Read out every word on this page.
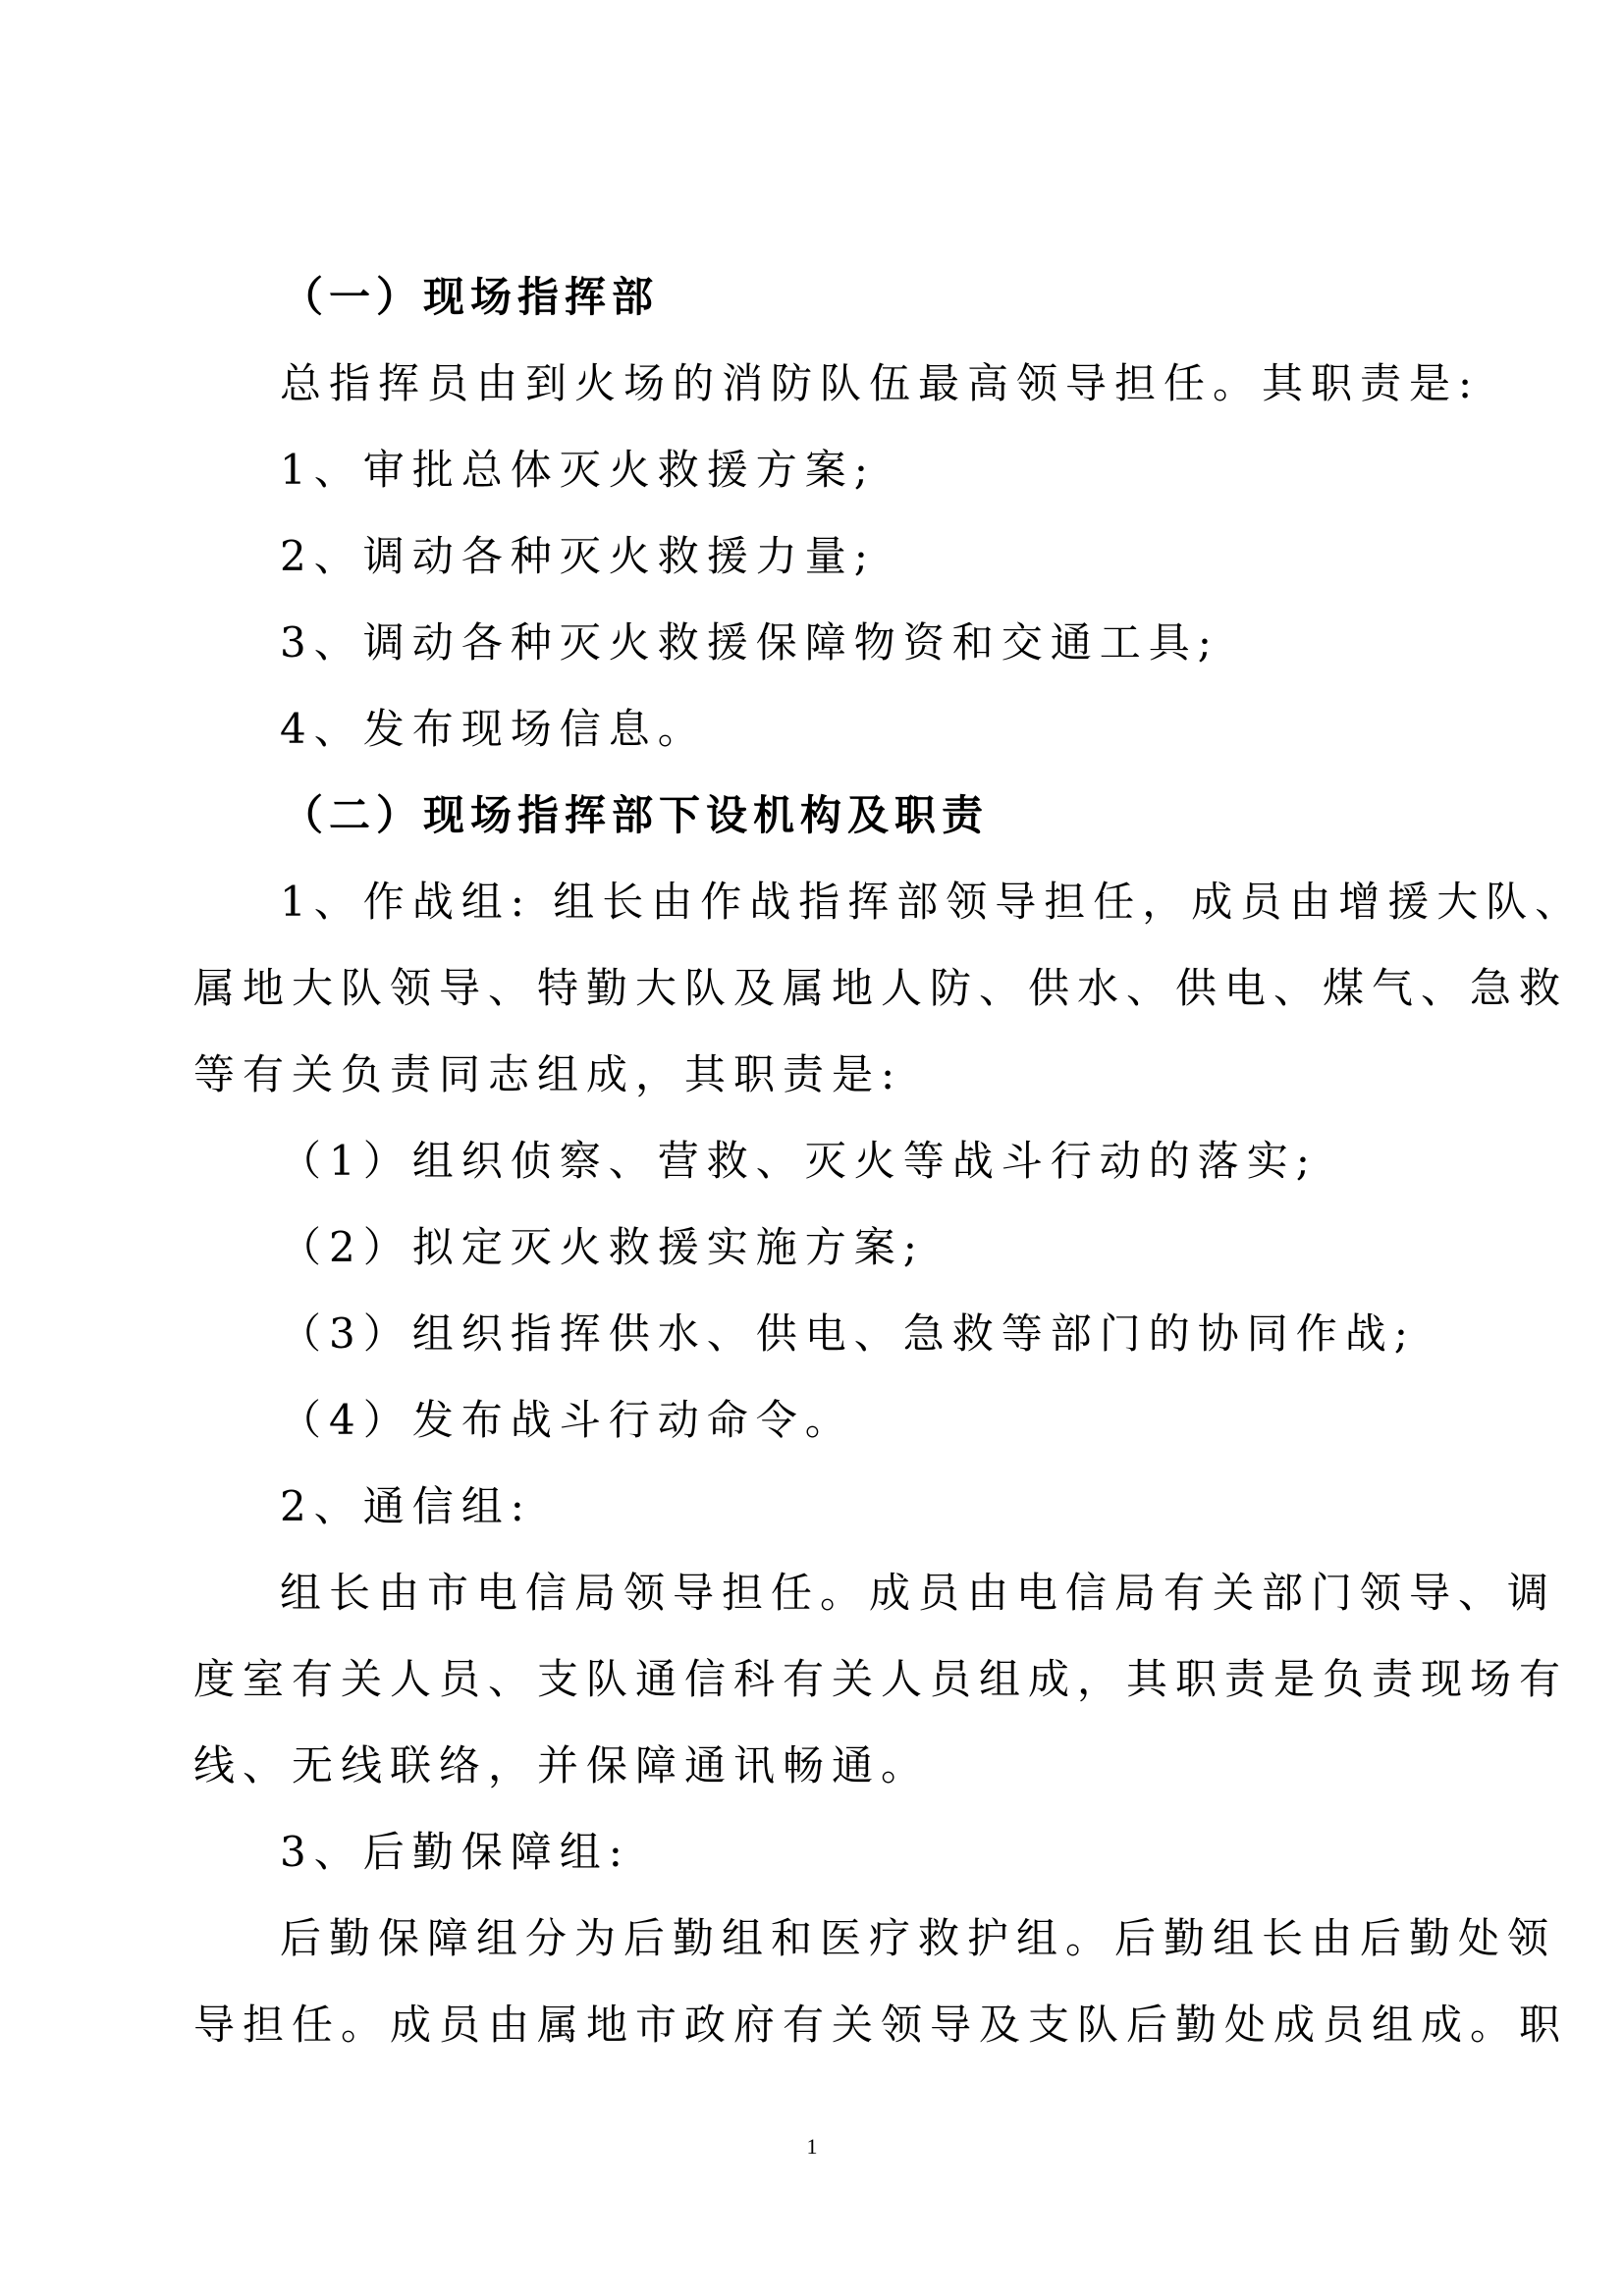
（一）现场指挥部
总指挥员由到火场的消防队伍最高领导担任。其职责是:
1、审批总体灭火救援方案;
2、调动各种灭火救援力量;
3、调动各种灭火救援保障物资和交通工具;
4、发布现场信息。
（二）现场指挥部下设机构及职责
1、作战组: 组长由作战指挥部领导担任，成员由增援大队、
属地大队领导、特勤大队及属地人防、供水、供电、煤气、急救
等有关负责同志组成，其职责是:
（1）组织侦察、营救、灭火等战斗行动的落实;
（2）拟定灭火救援实施方案;
（3）组织指挥供水、供电、急救等部门的协同作战;
（4）发布战斗行动命令。
2、通信组:
组长由市电信局领导担任。成员由电信局有关部门领导、调
度室有关人员、支队通信科有关人员组成，其职责是负责现场有
线、无线联络，并保障通讯畅通。
3、后勤保障组:
后勤保障组分为后勤组和医疗救护组。后勤组长由后勤处领
导担任。成员由属地市政府有关领导及支队后勤处成员组成。职
1
